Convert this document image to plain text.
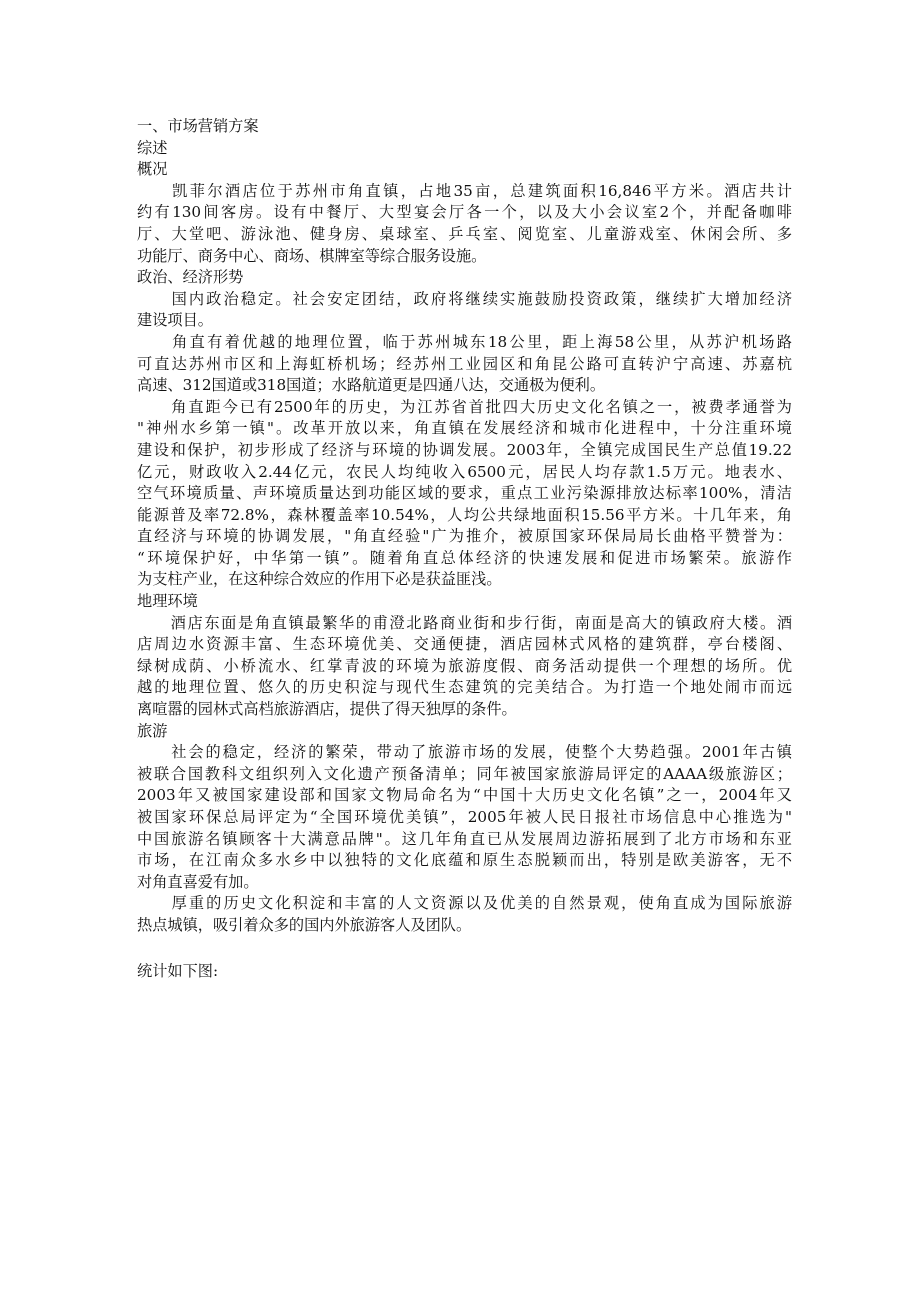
一、市场营销方案

综述

概况

　　凯菲尔酒店位于苏州市角直镇，占地35亩，总建筑面积16,846平方米。酒店共计

约有130间客房。设有中餐厅、大型宴会厅各一个，以及大小会议室2个，并配备咖啡

厅、大堂吧、游泳池、健身房、桌球室、乒乓室、阅览室、儿童游戏室、休闲会所、多

功能厅、商务中心、商场、棋牌室等综合服务设施。

政治、经济形势

　　国内政治稳定。社会安定团结，政府将继续实施鼓励投资政策，继续扩大增加经济

建设项目。

　　角直有着优越的地理位置，临于苏州城东18公里，距上海58公里，从苏沪机场路

可直达苏州市区和上海虹桥机场；经苏州工业园区和角昆公路可直转沪宁高速、苏嘉杭

高速、312国道或318国道；水路航道更是四通八达，交通极为便利。

　　角直距今已有2500年的历史，为江苏省首批四大历史文化名镇之一，被费孝通誉为

"神州水乡第一镇"。改革开放以来，角直镇在发展经济和城市化进程中，十分注重环境

建设和保护，初步形成了经济与环境的协调发展。2003年，全镇完成国民生产总值19.22

亿元，财政收入2.44亿元，农民人均纯收入6500元，居民人均存款1.5万元。地表水、

空气环境质量、声环境质量达到功能区域的要求，重点工业污染源排放达标率100%，清洁

能源普及率72.8%，森林覆盖率10.54%，人均公共绿地面积15.56平方米。十几年来，角

直经济与环境的协调发展，"角直经验"广为推介，被原国家环保局局长曲格平赞誉为：

“环境保护好，中华第一镇”。随着角直总体经济的快速发展和促进市场繁荣。旅游作

为支柱产业，在这种综合效应的作用下必是获益匪浅。

地理环境

　　酒店东面是角直镇最繁华的甫澄北路商业街和步行街，南面是高大的镇政府大楼。酒

店周边水资源丰富、生态环境优美、交通便捷，酒店园林式风格的建筑群，亭台楼阁、

绿树成荫、小桥流水、红掌青波的环境为旅游度假、商务活动提供一个理想的场所。优

越的地理位置、悠久的历史积淀与现代生态建筑的完美结合。为打造一个地处闹市而远

离喧嚣的园林式高档旅游酒店，提供了得天独厚的条件。

旅游

　　社会的稳定，经济的繁荣，带动了旅游市场的发展，使整个大势趋强。2001年古镇

被联合国教科文组织列入文化遗产预备清单；同年被国家旅游局评定的AAAA级旅游区；

2003年又被国家建设部和国家文物局命名为“中国十大历史文化名镇”之一，2004年又

被国家环保总局评定为“全国环境优美镇”，2005年被人民日报社市场信息中心推选为"

中国旅游名镇顾客十大满意品牌"。这几年角直已从发展周边游拓展到了北方市场和东亚

市场，在江南众多水乡中以独特的文化底蕴和原生态脱颖而出，特别是欧美游客，无不

对角直喜爱有加。

　　厚重的历史文化积淀和丰富的人文资源以及优美的自然景观，使角直成为国际旅游

热点城镇，吸引着众多的国内外旅游客人及团队。

统计如下图:
